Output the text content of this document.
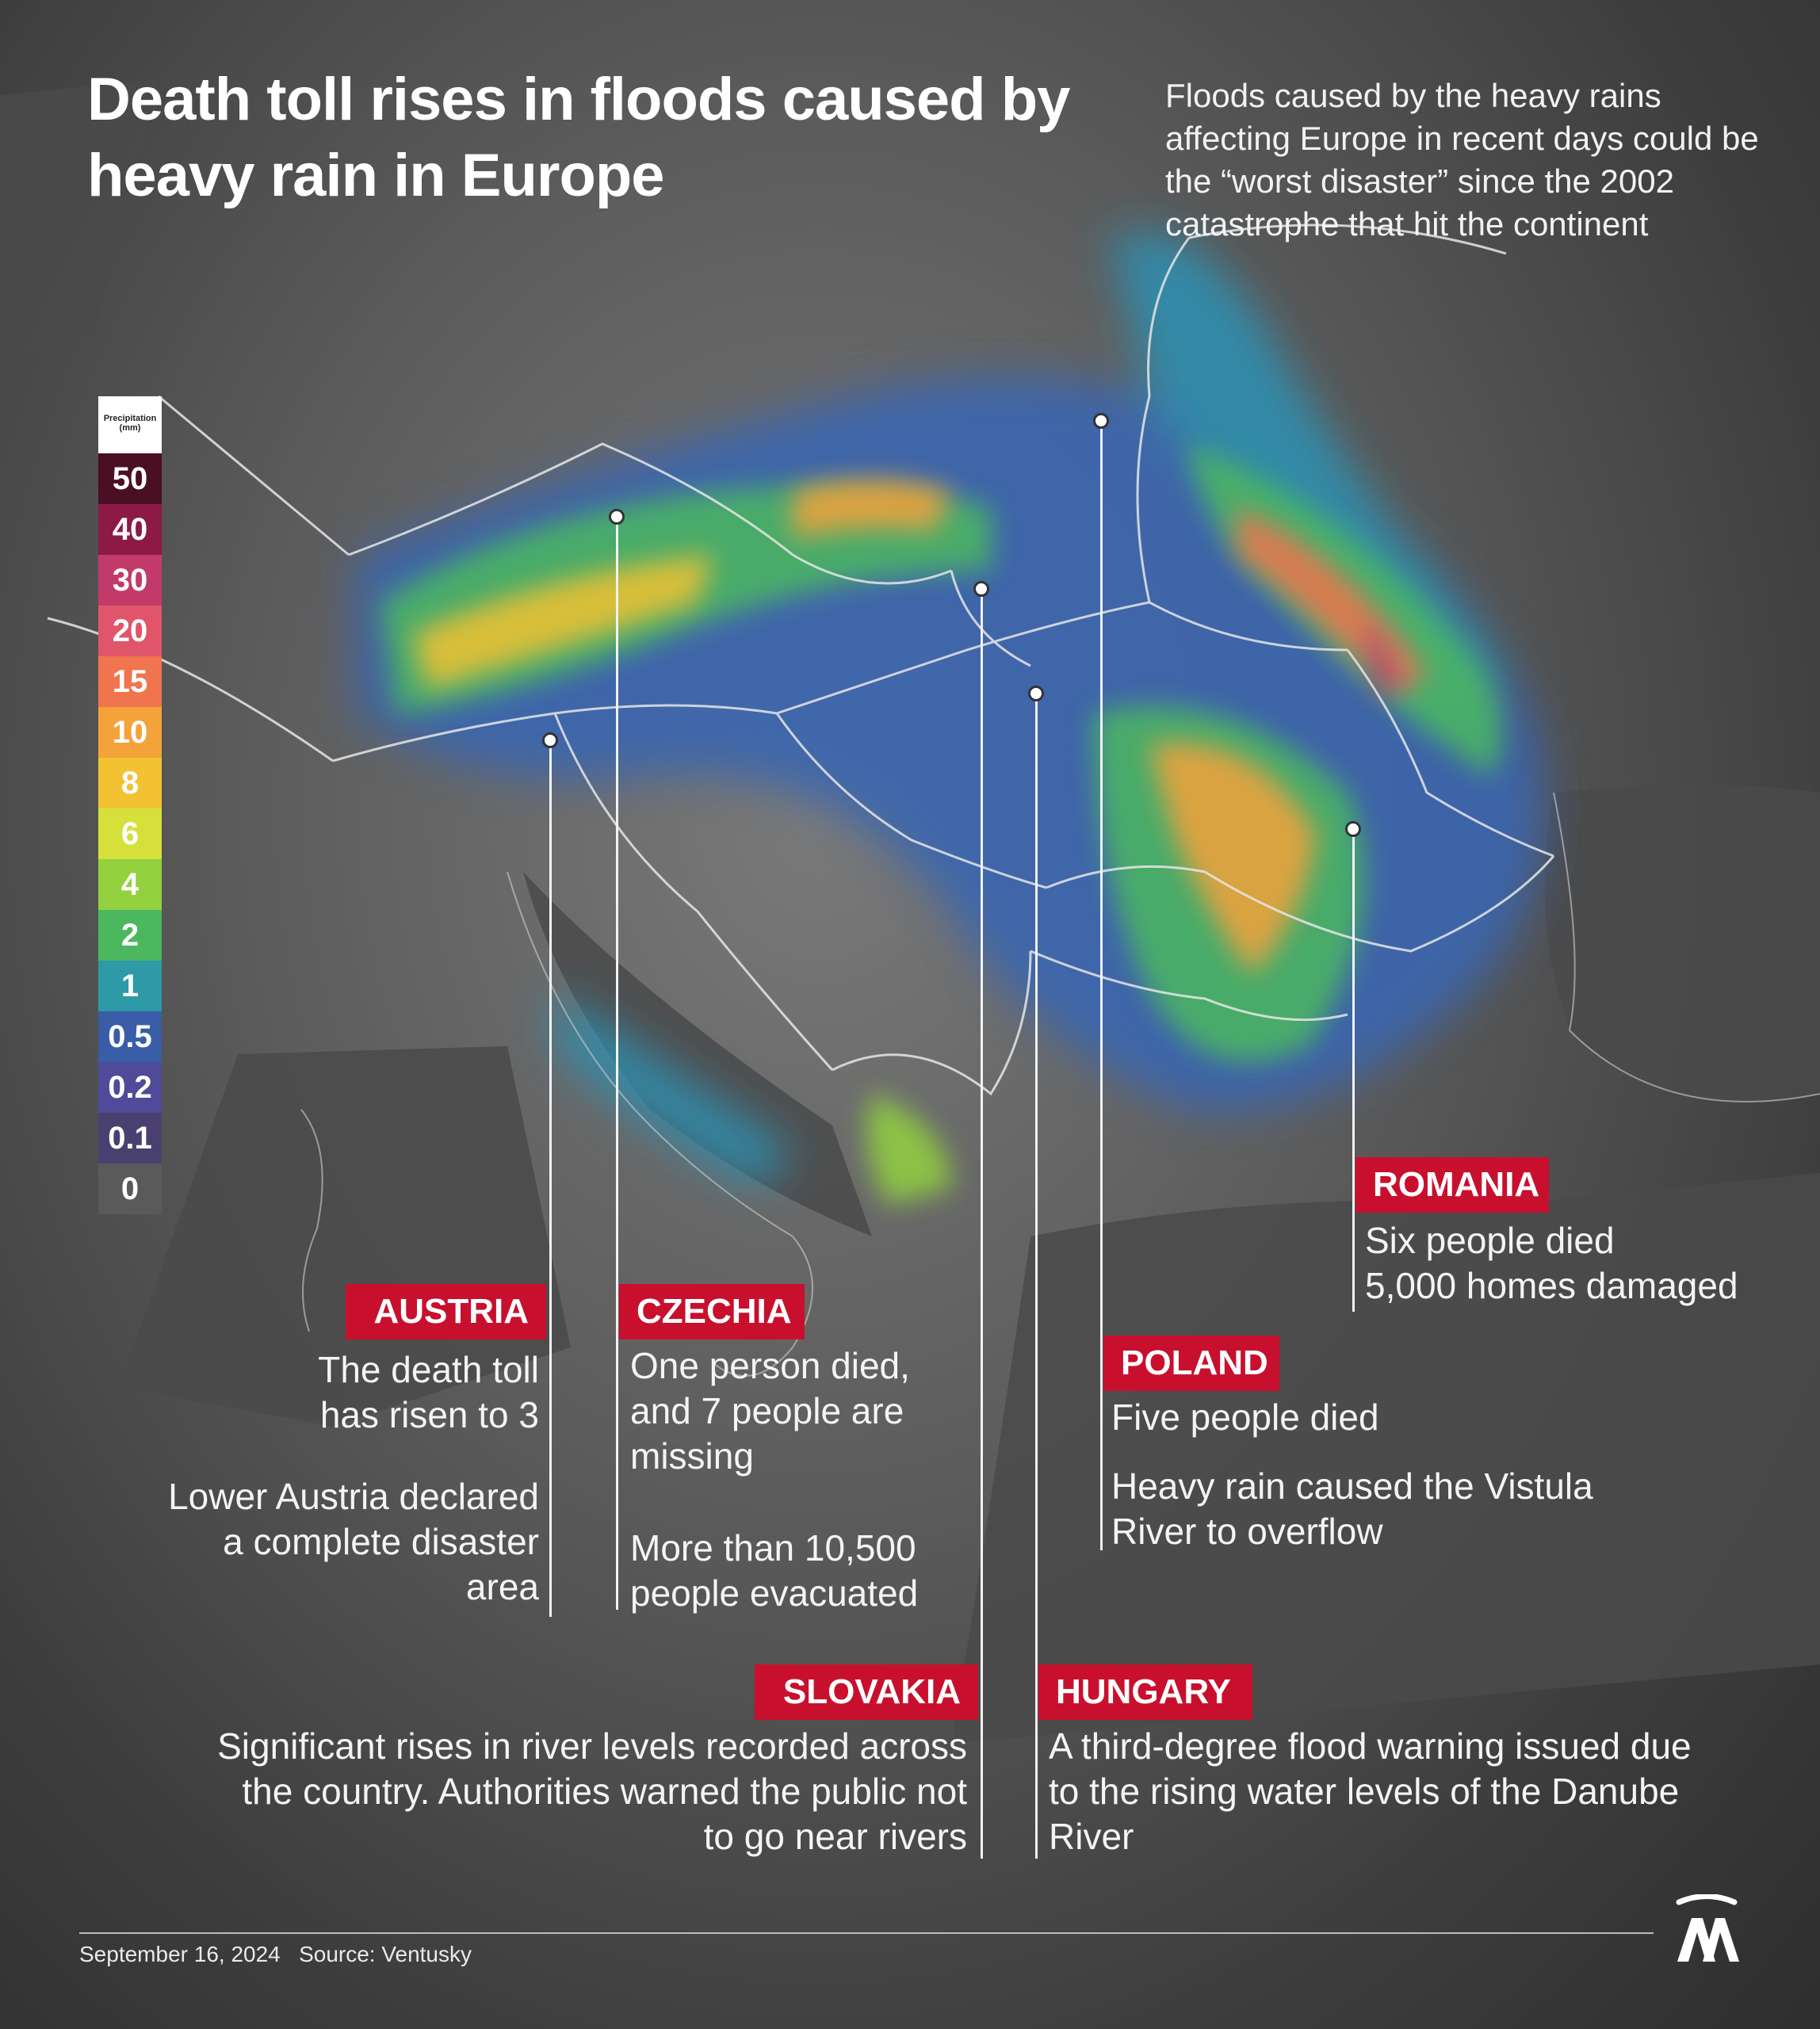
Death toll rises in floods caused by heavy rain in Europe
Floods caused by the heavy rains affecting Europe in recent days could be the “worst disaster” since the 2002 catastrophe that hit the continent
Precipitation (mm)
50
40
30
20
15
10
8
6
4
2
1
0.5
0.2
0.1
0
AUSTRIA
The death toll has risen to 3
Lower Austria declared a complete disaster area
CZECHIA
One person died, and 7 people are missing
More than 10,500 people evacuated
SLOVAKIA
Significant rises in river levels recorded across the country. Authorities warned the public not to go near rivers
HUNGARY
A third-degree flood warning issued due to the rising water levels of the Danube River
POLAND
Five people died
Heavy rain caused the Vistula River to overflow
ROMANIA
Six people died
5,000 homes damaged
September 16, 2024 Source: Ventusky
